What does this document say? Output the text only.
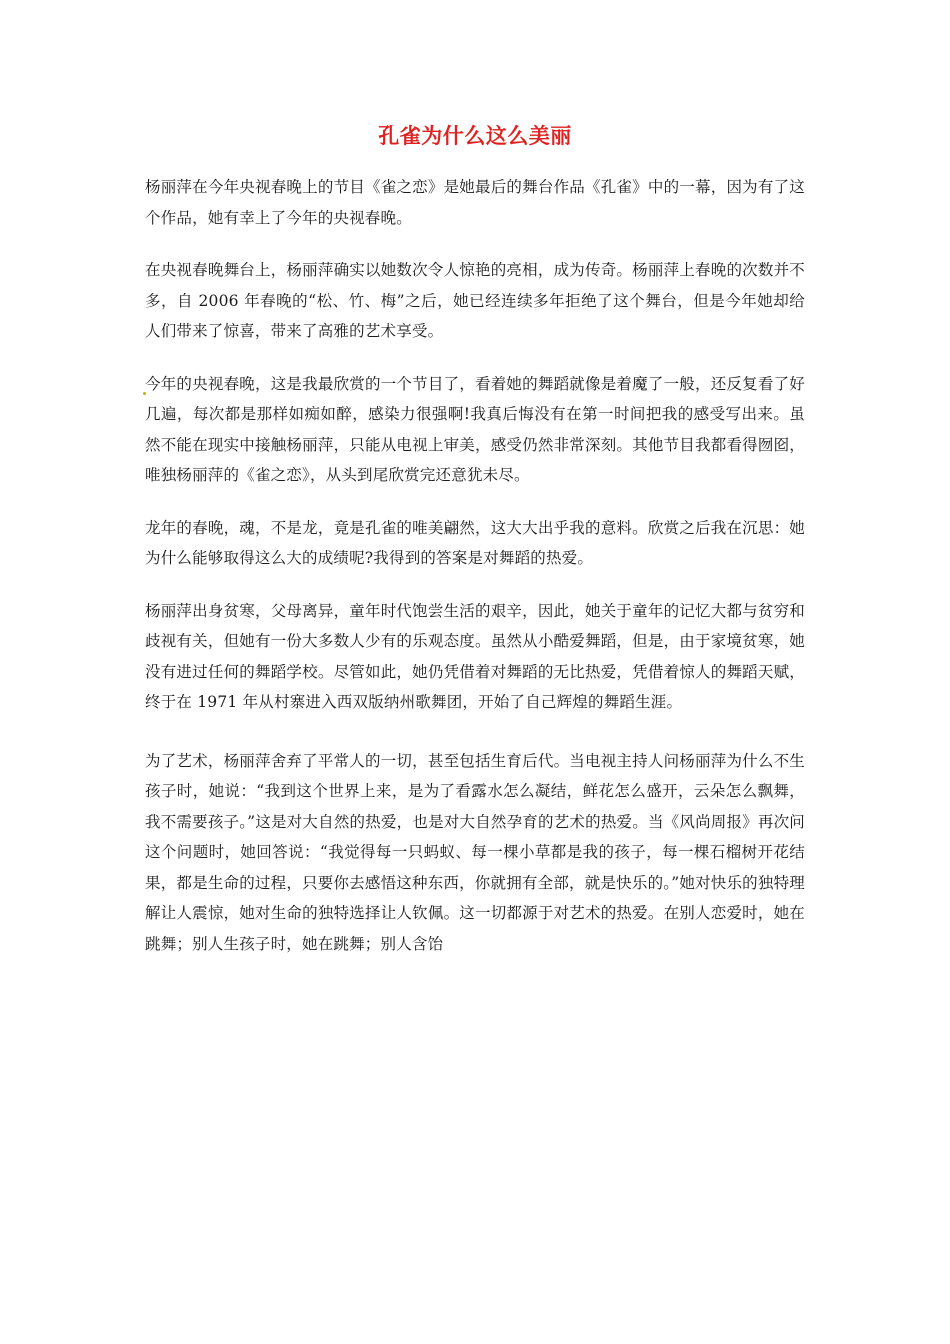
孔雀为什么这么美丽

杨丽萍在今年央视春晚上的节目《雀之恋》是她最后的舞台作品《孔雀》中的一幕，因为有了这个作品，她有幸上了今年的央视春晚。

在央视春晚舞台上，杨丽萍确实以她数次令人惊艳的亮相，成为传奇。杨丽萍上春晚的次数并不多，自 2006 年春晚的“松、竹、梅”之后，她已经连续多年拒绝了这个舞台，但是今年她却给人们带来了惊喜，带来了高雅的艺术享受。

今年的央视春晚，这是我最欣赏的一个节目了，看着她的舞蹈就像是着魔了一般，还反复看了好几遍，每次都是那样如痴如醉，感染力很强啊!我真后悔没有在第一时间把我的感受写出来。虽然不能在现实中接触杨丽萍，只能从电视上审美，感受仍然非常深刻。其他节目我都看得囫囵，唯独杨丽萍的《雀之恋》，从头到尾欣赏完还意犹未尽。

龙年的春晚，魂，不是龙，竟是孔雀的唯美翩然，这大大出乎我的意料。欣赏之后我在沉思：她为什么能够取得这么大的成绩呢?我得到的答案是对舞蹈的热爱。

杨丽萍出身贫寒，父母离异，童年时代饱尝生活的艰辛，因此，她关于童年的记忆大都与贫穷和歧视有关，但她有一份大多数人少有的乐观态度。虽然从小酷爱舞蹈，但是，由于家境贫寒，她没有进过任何的舞蹈学校。尽管如此，她仍凭借着对舞蹈的无比热爱，凭借着惊人的舞蹈天赋，终于在 1971 年从村寨进入西双版纳州歌舞团，开始了自己辉煌的舞蹈生涯。

为了艺术，杨丽萍舍弃了平常人的一切，甚至包括生育后代。当电视主持人问杨丽萍为什么不生孩子时，她说：“我到这个世界上来，是为了看露水怎么凝结，鲜花怎么盛开，云朵怎么飘舞，我不需要孩子。”这是对大自然的热爱，也是对大自然孕育的艺术的热爱。当《风尚周报》再次问这个问题时，她回答说：“我觉得每一只蚂蚁、每一棵小草都是我的孩子，每一棵石榴树开花结果，都是生命的过程，只要你去感悟这种东西，你就拥有全部，就是快乐的。”她对快乐的独特理解让人震惊，她对生命的独特选择让人钦佩。这一切都源于对艺术的热爱。在别人恋爱时，她在跳舞；别人生孩子时，她在跳舞；别人含饴
